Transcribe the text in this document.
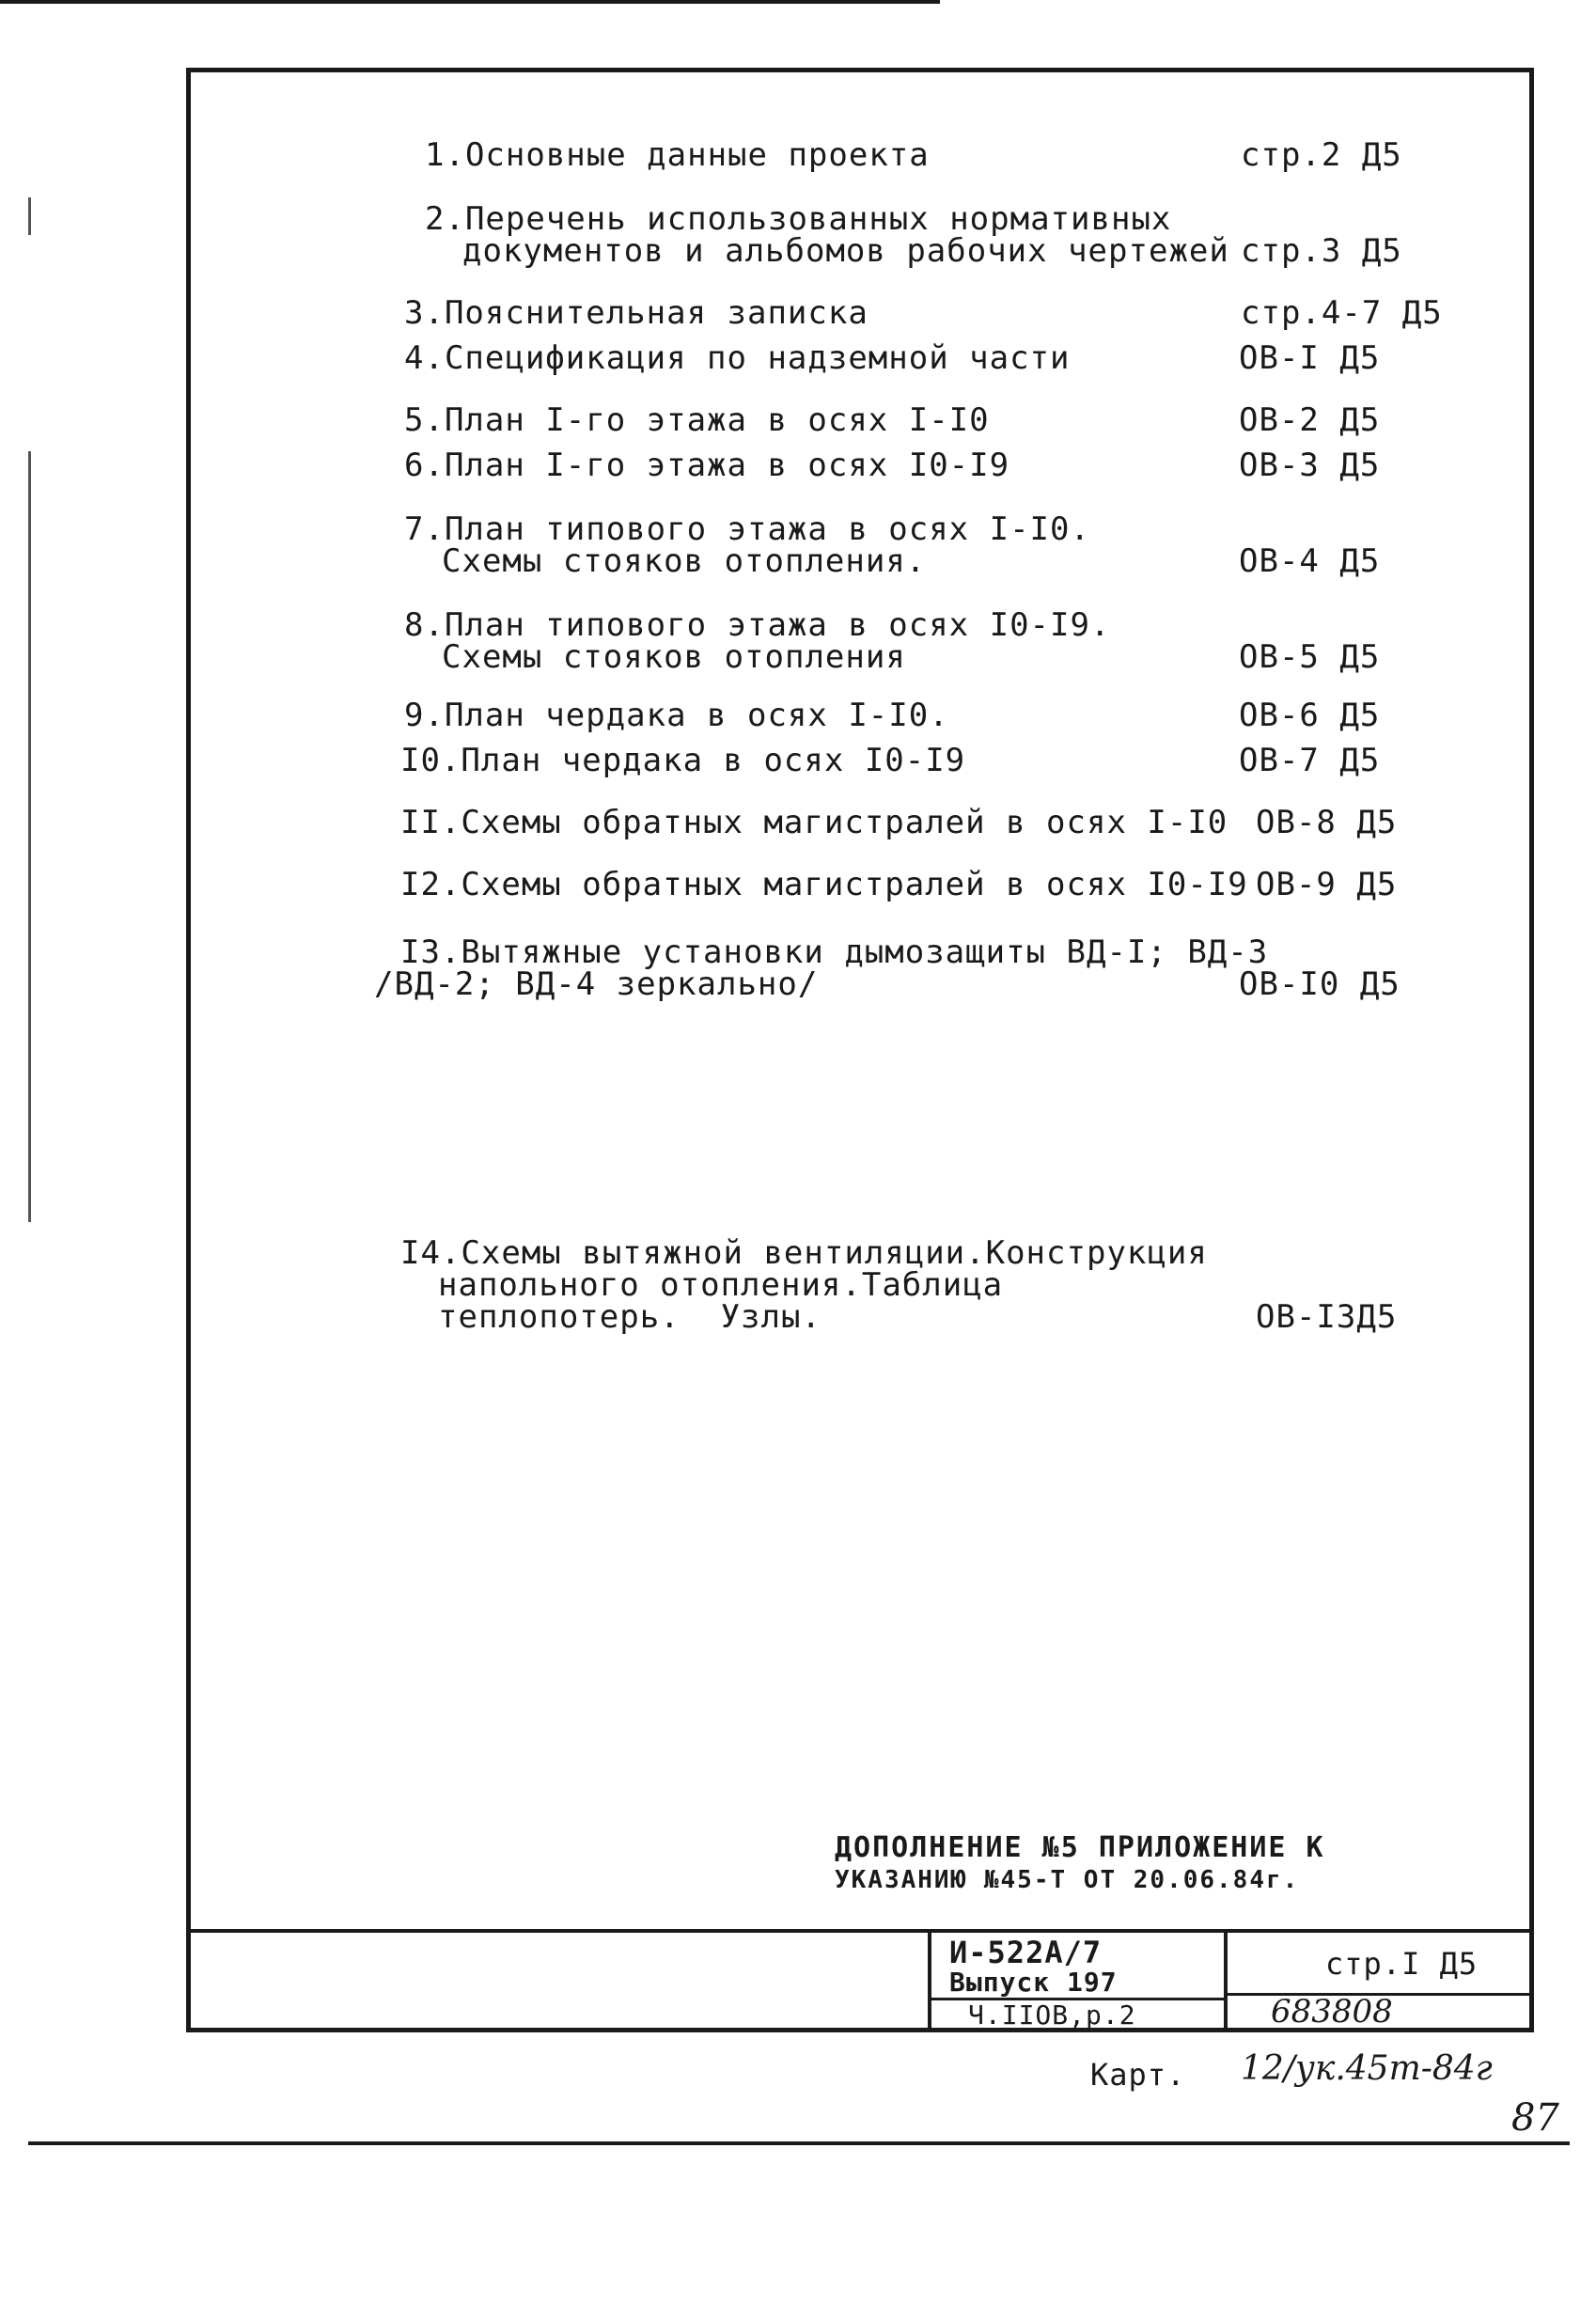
1.Основные данные проекта	стр.2 Д5
2.Перечень использованных нормативных
документов и альбомов рабочих чертежей стр.3 Д5
3.Пояснительная записка	стр.4-7 Д5
4.Спецификация по надземной части	ОВ-I Д5
5.План I-го этажа в осях I-I0	ОВ-2 Д5
6.План I-го этажа в осях I0-I9	ОВ-3 Д5
7.План типового этажа в осях I-I0.
Схемы стояков отопления.	ОВ-4 Д5
8.План типового этажа в осях I0-I9.
Схемы стояков отопления	ОВ-5 Д5
9.План чердака в осях I-I0.	ОВ-6 Д5
I0.План чердака в осях I0-I9	ОВ-7 Д5
II.Схемы обратных магистралей в осях I-I0 ОВ-8 Д5
I2.Схемы обратных магистралей в осях I0-I9 ОВ-9 Д5
I3.Вытяжные установки дымозащиты ВД-I; ВД-3
/ВД-2; ВД-4 зеркально/	ОВ-I0 Д5
I4.Схемы вытяжной вентиляции.Конструкция
напольного отопления.Таблица
теплопотерь.  Узлы.	ОВ-I3Д5
ДОПОЛНЕНИЕ №5 ПРИЛОЖЕНИЕ К
УКАЗАНИЮ №45-Т ОТ 20.06.84г.
И-522А/7
Выпуск 197
Ч.IIОВ,р.2
стр.I Д5
683808
Карт. 12/ук.45т-84г
87
